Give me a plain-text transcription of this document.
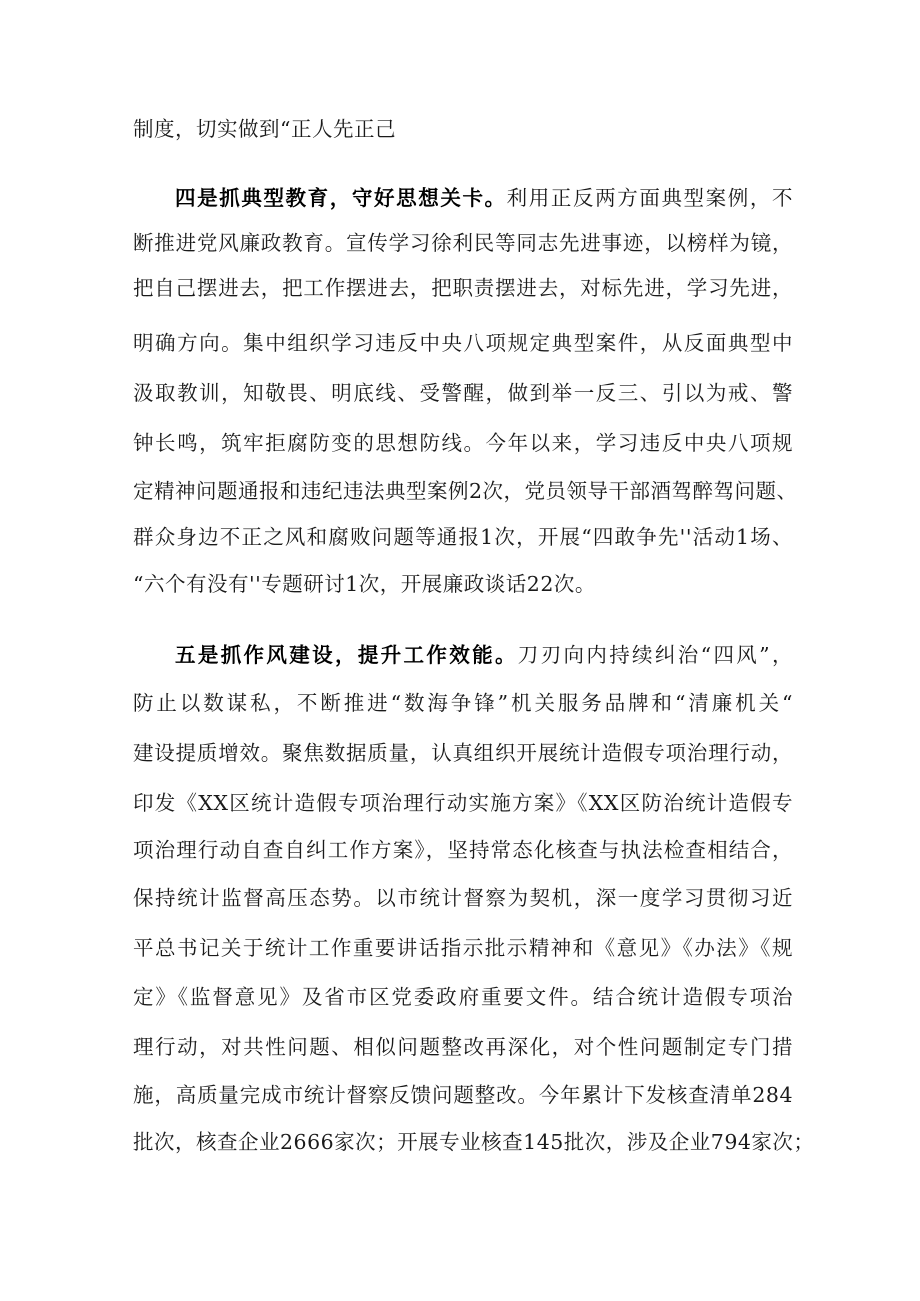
制度，切实做到“正人先正己
四是抓典型教育，守好思想关卡。利用正反两方面典型案例，不
断推进党风廉政教育。宣传学习徐利民等同志先进事迹，以榜样为镜，
把自己摆进去，把工作摆进去，把职责摆进去，对标先进，学习先进，
明确方向。集中组织学习违反中央八项规定典型案件，从反面典型中
汲取教训，知敬畏、明底线、受警醒，做到举一反三、引以为戒、警
钟长鸣，筑牢拒腐防变的思想防线。今年以来，学习违反中央八项规
定精神问题通报和违纪违法典型案例2次，党员领导干部酒驾醉驾问题、
群众身边不正之风和腐败问题等通报1次，开展“四敢争先''活动1场、
“六个有没有''专题研讨1次，开展廉政谈话22次。
五是抓作风建设，提升工作效能。刀刃向内持续纠治“四风”，
防止以数谋私，不断推进“数海争锋”机关服务品牌和“清廉机关“
建设提质增效。聚焦数据质量，认真组织开展统计造假专项治理行动，
印发《XX区统计造假专项治理行动实施方案》《XX区防治统计造假专
项治理行动自查自纠工作方案》，坚持常态化核查与执法检查相结合，
保持统计监督高压态势。以市统计督察为契机，深一度学习贯彻习近
平总书记关于统计工作重要讲话指示批示精神和《意见》《办法》《规
定》《监督意见》及省市区党委政府重要文件。结合统计造假专项治
理行动，对共性问题、相似问题整改再深化，对个性问题制定专门措
施，高质量完成市统计督察反馈问题整改。今年累计下发核查清单284
批次，核查企业2666家次；开展专业核查145批次，涉及企业794家次；
